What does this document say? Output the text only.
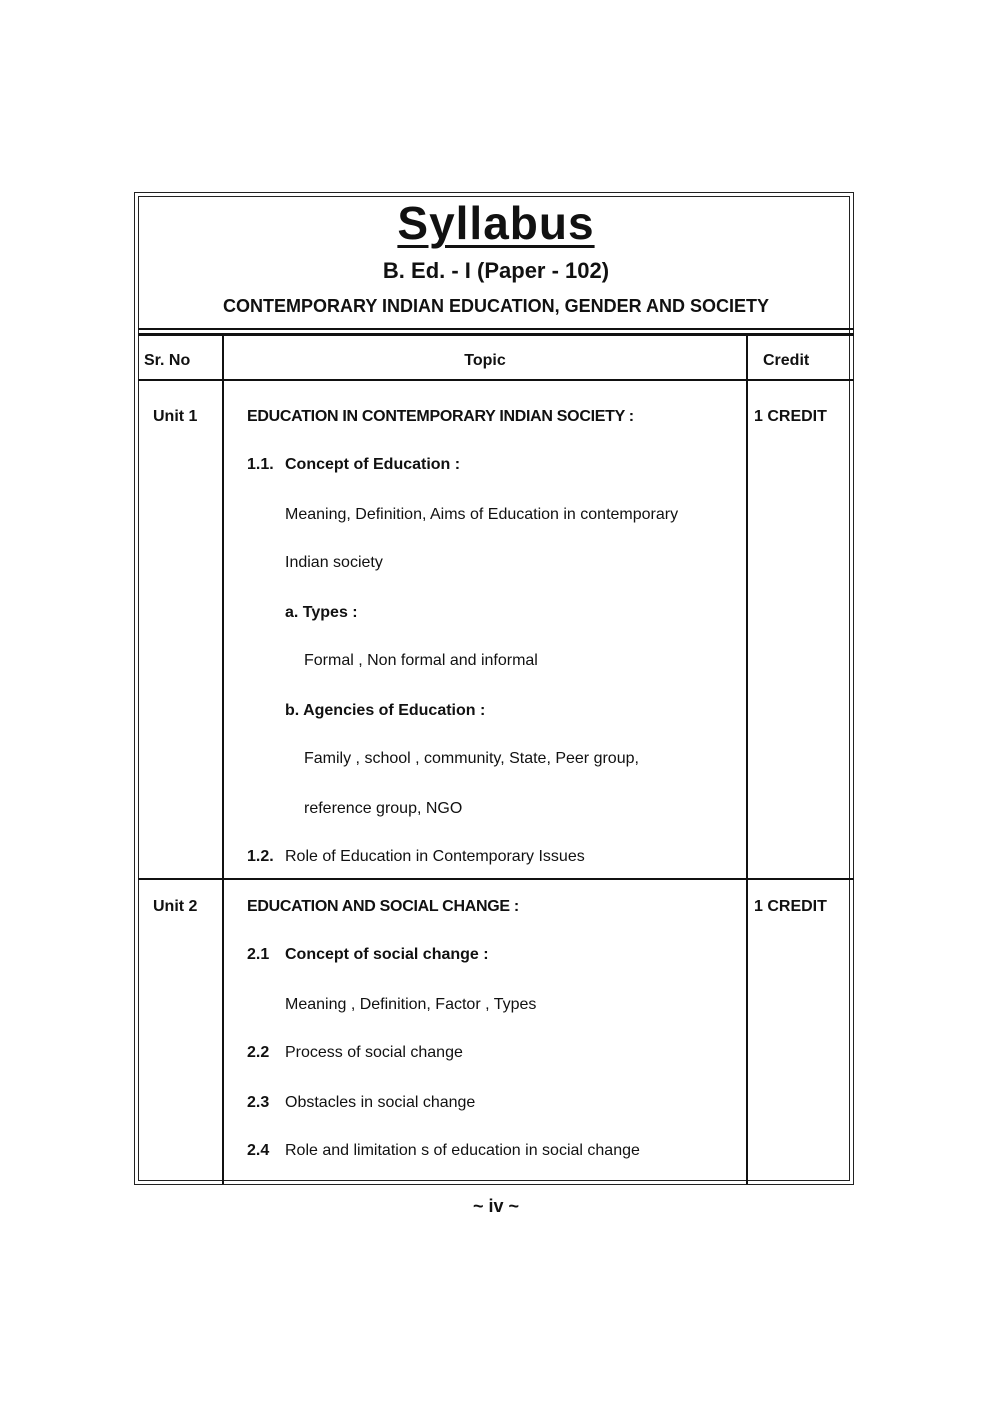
Syllabus
B. Ed. - I (Paper - 102)
CONTEMPORARY INDIAN EDUCATION, GENDER AND SOCIETY
Sr. No	Topic	Credit
Unit 1	EDUCATION IN CONTEMPORARY INDIAN SOCIETY :	1 CREDIT
1.1. Concept of Education :
Meaning, Definition, Aims of Education in contemporary
Indian society
a. Types :
Formal , Non formal and informal
b. Agencies of Education :
Family , school , community, State, Peer group,
reference group, NGO
1.2. Role of Education in Contemporary Issues
Unit 2	EDUCATION AND SOCIAL CHANGE :	1 CREDIT
2.1 Concept of social change :
Meaning , Definition, Factor , Types
2.2 Process of social change
2.3 Obstacles in social change
2.4 Role and limitation s of education in social change
~ iv ~
